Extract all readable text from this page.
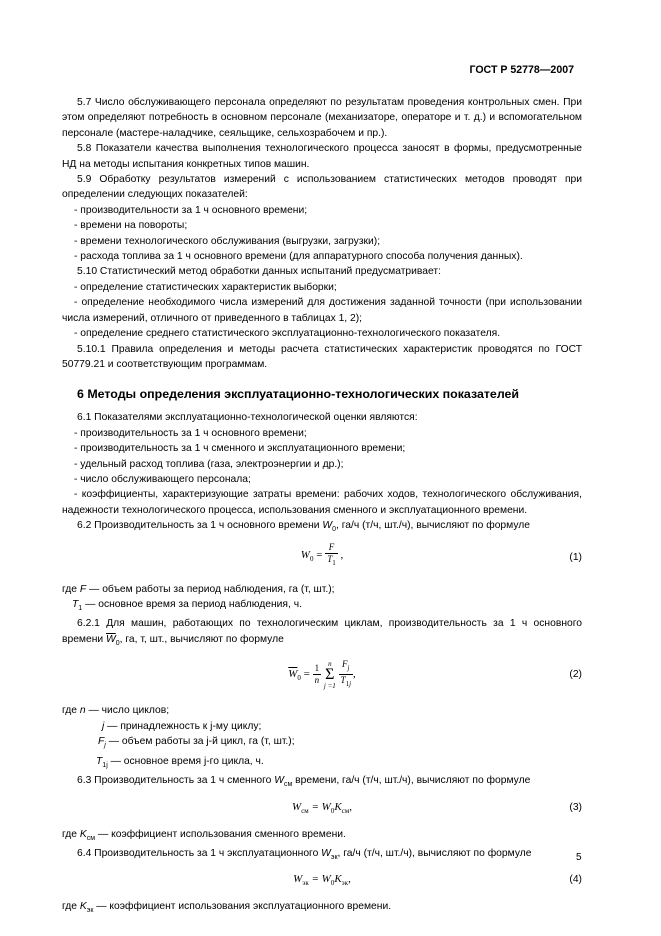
ГОСТ Р 52778—2007

5.7 Число обслуживающего персонала определяют по результатам проведения контрольных смен. При этом определяют потребность в основном персонале (механизаторе, операторе и т. д.) и вспомогательном персонале (мастере-наладчике, сеяльщике, сельхозрабочем и пр.).

5.8 Показатели качества выполнения технологического процесса заносят в формы, предусмотренные НД на методы испытания конкретных типов машин.

5.9 Обработку результатов измерений с использованием статистических методов проводят при определении следующих показателей:

- производительности за 1 ч основного времени;

- времени на повороты;

- времени технологического обслуживания (выгрузки, загрузки);

- расхода топлива за 1 ч основного времени (для аппаратурного способа получения данных).

5.10 Статистический метод обработки данных испытаний предусматривает:

- определение статистических характеристик выборки;

- определение необходимого числа измерений для достижения заданной точности (при использовании числа измерений, отличного от приведенного в таблицах 1, 2);

- определение среднего статистического эксплуатационно-технологического показателя.

5.10.1 Правила определения и методы расчета статистических характеристик проводятся по ГОСТ 50779.21 и соответствующим программам.

6 Методы определения эксплуатационно-технологических показателей

6.1 Показателями эксплуатационно-технологической оценки являются:

- производительность за 1 ч основного времени;

- производительность за 1 ч сменного и эксплуатационного времени;

- удельный расход топлива (газа, электроэнергии и др.);

- число обслуживающего персонала;

- коэффициенты, характеризующие затраты времени: рабочих ходов, технологического обслуживания, надежности технологического процесса, использования сменного и эксплуатационного времени.

6.2 Производительность за 1 ч основного времени $W_0$, га/ч (т/ч, шт./ч), вычисляют по формуле

$W_0 = \frac{F}{T_1}$ ,	(1)

где F — объем работы за период наблюдения, га (т, шт.);

$T_1$ — основное время за период наблюдения, ч.

6.2.1 Для машин, работающих по технологическим циклам, производительность за 1 ч основного времени $\overline{W}_0$, га, т, шт., вычисляют по формуле

$\overline{W}_0 = \frac{1}{n}$ n
Σ
$j =1 \frac{F_j}{T_{1j}}$ ,	(2)

где n — число циклов;

j — принадлежность к j-му циклу;

$F_j$ — объем работы за j-й цикл, га (т, шт.);

$T_{1j}$ — основное время j-го цикла, ч.

6.3 Производительность за 1 ч сменного $W_{см}$ времени, га/ч (т/ч, шт./ч), вычисляют по формуле

$W_{см} = W_0K_{см}$,	(3)

где $K_{см}$ — коэффициент использования сменного времени.

6.4 Производительность за 1 ч эксплуатационного $W_{эк}$, га/ч (т/ч, шт./ч), вычисляют по формуле

$W_{эк} = W_0K_{эк}$,	(4)

где $K_{эк}$ — коэффициент использования эксплуатационного времени.

5
